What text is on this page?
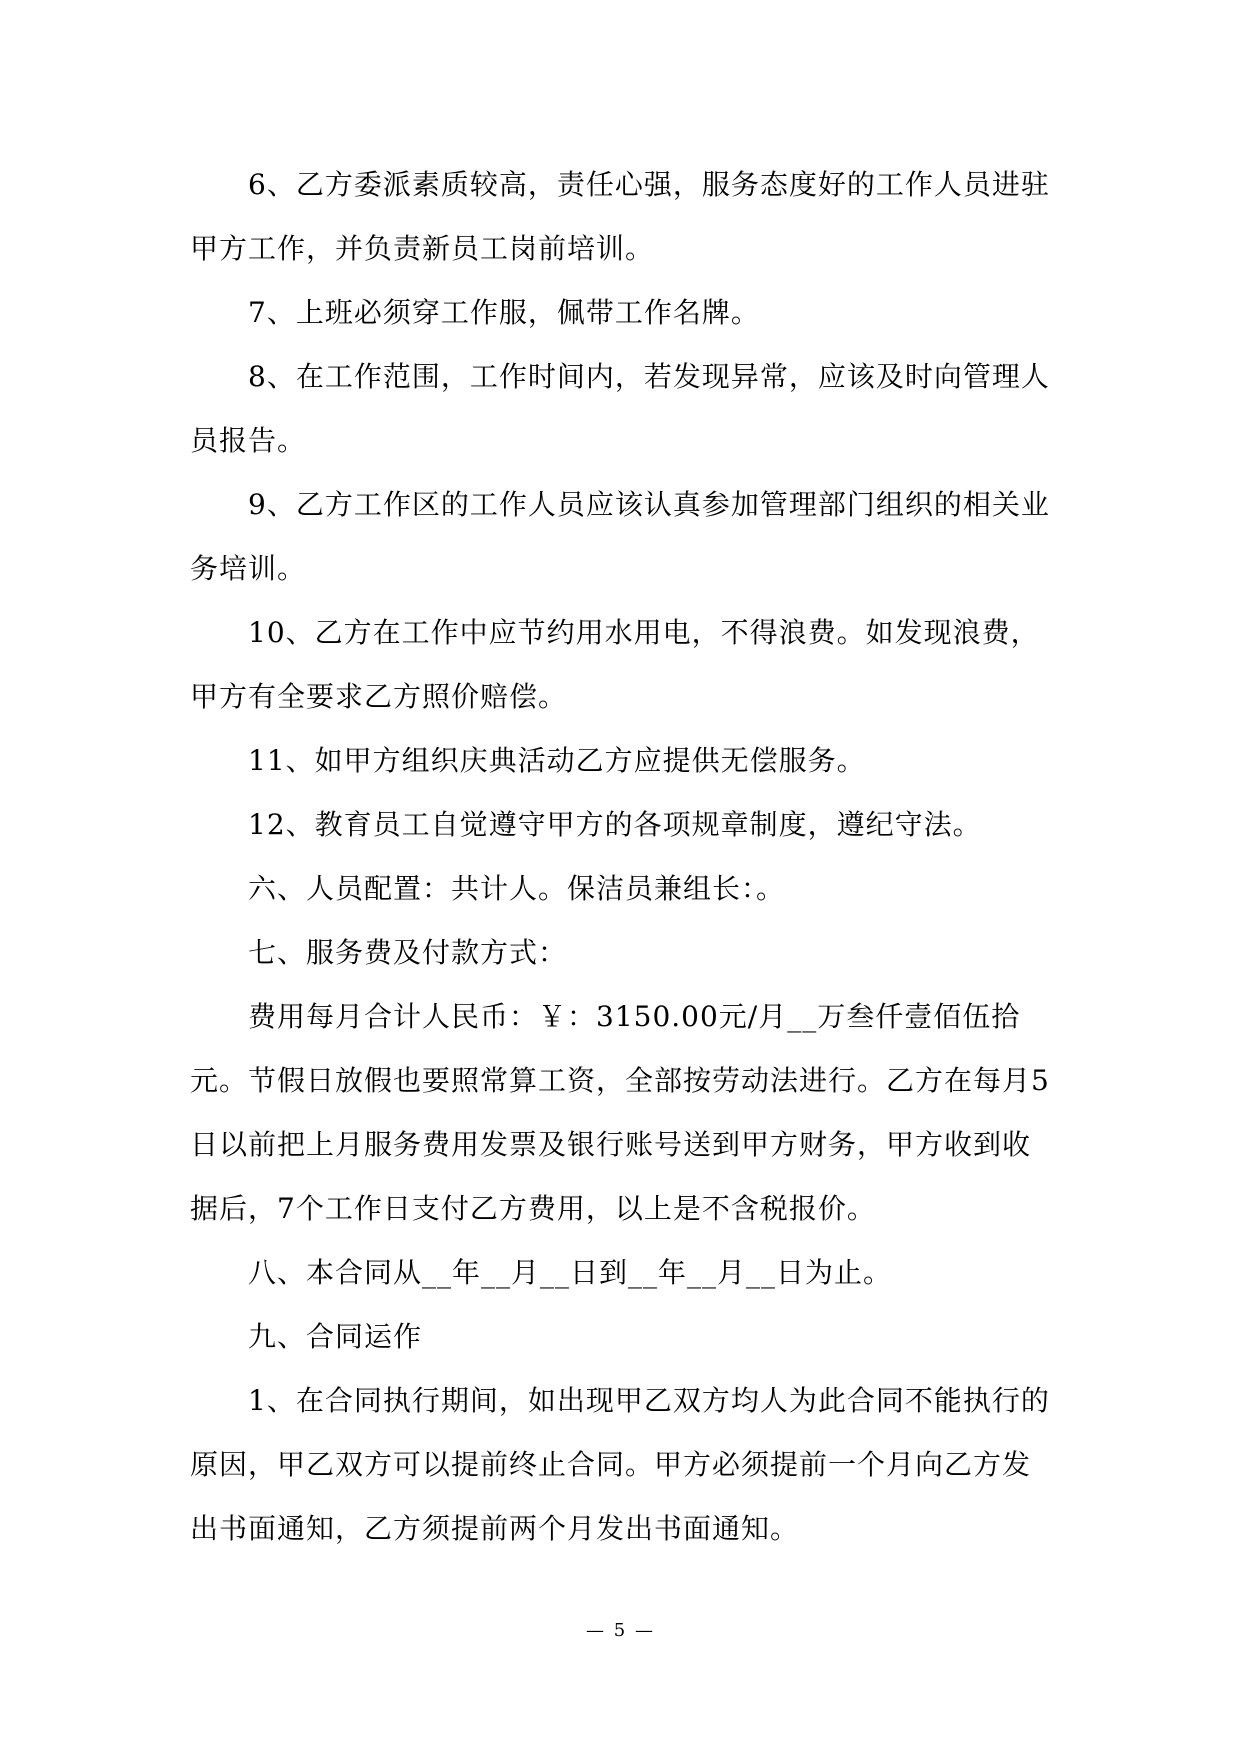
6、乙方委派素质较高，责任心强，服务态度好的工作人员进驻甲方工作，并负责新员工岗前培训。

7、上班必须穿工作服，佩带工作名牌。

8、在工作范围，工作时间内，若发现异常，应该及时向管理人员报告。

9、乙方工作区的工作人员应该认真参加管理部门组织的相关业务培训。

10、乙方在工作中应节约用水用电，不得浪费。如发现浪费，甲方有全要求乙方照价赔偿。

11、如甲方组织庆典活动乙方应提供无偿服务。

12、教育员工自觉遵守甲方的各项规章制度，遵纪守法。

六、人员配置：共计人。保洁员兼组长：。

七、服务费及付款方式：

费用每月合计人民币：￥：3150.00元/月__万叁仟壹佰伍拾元。节假日放假也要照常算工资，全部按劳动法进行。乙方在每月5日以前把上月服务费用发票及银行账号送到甲方财务，甲方收到收据后，7个工作日支付乙方费用，以上是不含税报价。

八、本合同从__年__月__日到__年__月__日为止。

九、合同运作

1、在合同执行期间，如出现甲乙双方均人为此合同不能执行的原因，甲乙双方可以提前终止合同。甲方必须提前一个月向乙方发出书面通知，乙方须提前两个月发出书面通知。

— 5 —
